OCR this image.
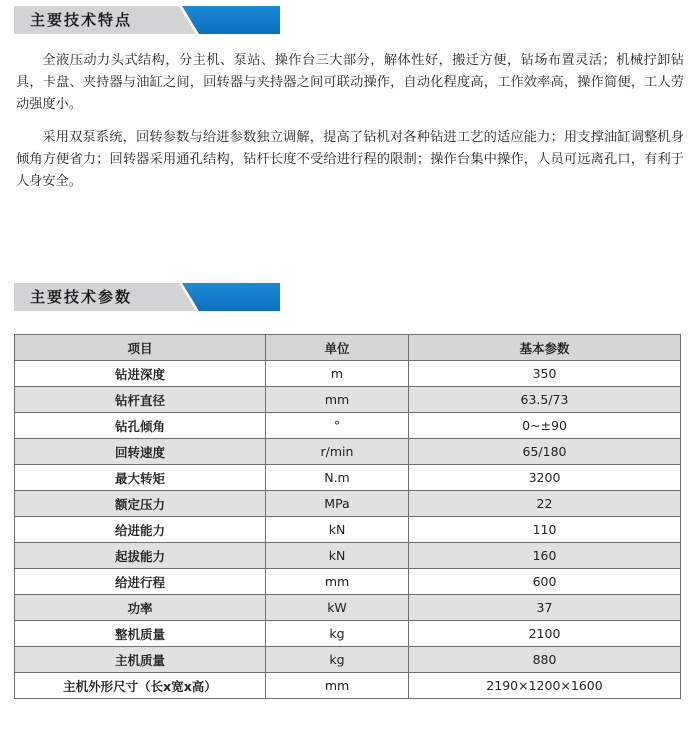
主要技术特点

全液压动力头式结构，分主机、泵站、操作台三大部分，解体性好，搬迁方便，钻场布置灵活；机械拧卸钻具，卡盘、夹持器与油缸之间，回转器与夹持器之间可联动操作，自动化程度高，工作效率高，操作简便，工人劳动强度小。

采用双泵系统，回转参数与给进参数独立调解，提高了钻机对各种钻进工艺的适应能力；用支撑油缸调整机身倾角方便省力；回转器采用通孔结构，钻杆长度不受给进行程的限制；操作台集中操作，人员可远离孔口，有利于人身安全。

主要技术参数
项目	单位	基本参数
钻进深度	m	350
钻杆直径	mm	63.5/73
钻孔倾角	°	0~±90
回转速度	r/min	65/180
最大转矩	N.m	3200
额定压力	MPa	22
给进能力	kN	110
起拔能力	kN	160
给进行程	mm	600
功率	kW	37
整机质量	kg	2100
主机质量	kg	880
主机外形尺寸（长x宽x高）	mm	2190×1200×1600
